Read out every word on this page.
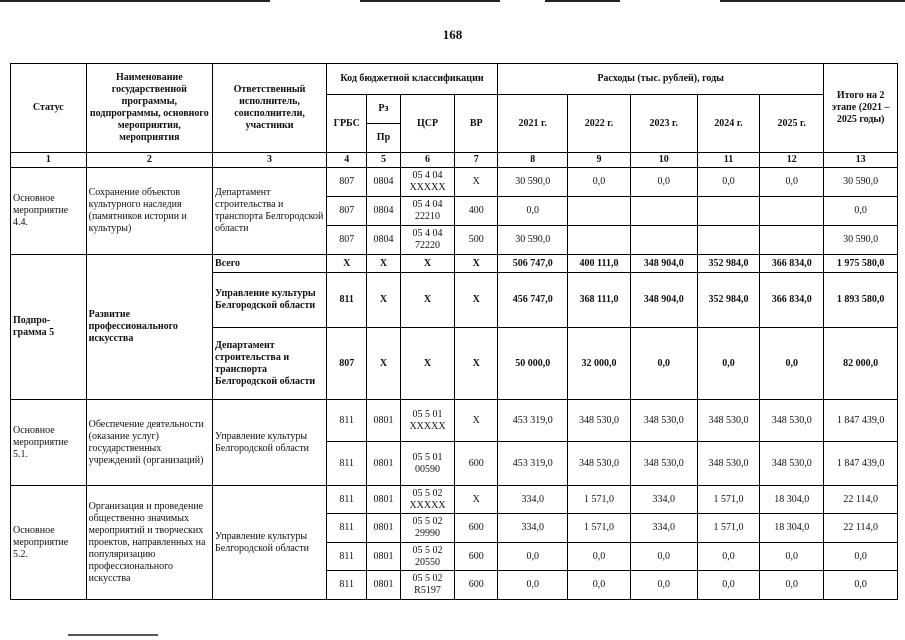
168
Статус	Наименование государственной программы, подпрограммы, основного мероприятия, мероприятия	Ответственный исполнитель, соисполнители, участники	Код бюджетной классификации				Расходы (тыс. рублей), годы					Итого на 2 этапе (2021 – 2025 годы)
			ГРБС	Рз	ЦСР	ВР	2021 г.	2022 г.	2023 г.	2024 г.	2025 г.	
				Пр								
1	2	3	4	5	6	7	8	9	10	11	12	13
Основное мероприятие 4.4.	Сохранение объектов культурного наследия (памятников истории и культуры)	Департамент строительства и транспорта Белгородской области	807	0804	05 4 04 XXXXX	X	30 590,0	0,0	0,0	0,0	0,0	30 590,0
			807	0804	05 4 04 22210	400	0,0					0,0
			807	0804	05 4 04 72220	500	30 590,0					30 590,0
Подпро-грамма 5	Развитие профессионального искусства	Всего	X	X	X	X	506 747,0	400 111,0	348 904,0	352 984,0	366 834,0	1 975 580,0
		Управление культуры Белгородской области	811	X	X	X	456 747,0	368 111,0	348 904,0	352 984,0	366 834,0	1 893 580,0
		Департамент строительства и транспорта Белгородской области	807	X	X	X	50 000,0	32 000,0	0,0	0,0	0,0	82 000,0
Основное мероприятие 5.1.	Обеспечение деятельности (оказание услуг) государственных учреждений (организаций)	Управление культуры Белгородской области	811	0801	05 5 01 XXXXX	X	453 319,0	348 530,0	348 530,0	348 530,0	348 530,0	1 847 439,0
			811	0801	05 5 01 00590	600	453 319,0	348 530,0	348 530,0	348 530,0	348 530,0	1 847 439,0
Основное мероприятие 5.2.	Организация и проведение общественно значимых мероприятий и творческих проектов, направленных на популяризацию профессионального искусства	Управление культуры Белгородской области	811	0801	05 5 02 XXXXX	X	334,0	1 571,0	334,0	1 571,0	18 304,0	22 114,0
			811	0801	05 5 02 29990	600	334,0	1 571,0	334,0	1 571,0	18 304,0	22 114,0
			811	0801	05 5 02 20550	600	0,0	0,0	0,0	0,0	0,0	0,0
			811	0801	05 5 02 R5197	600	0,0	0,0	0,0	0,0	0,0	0,0
